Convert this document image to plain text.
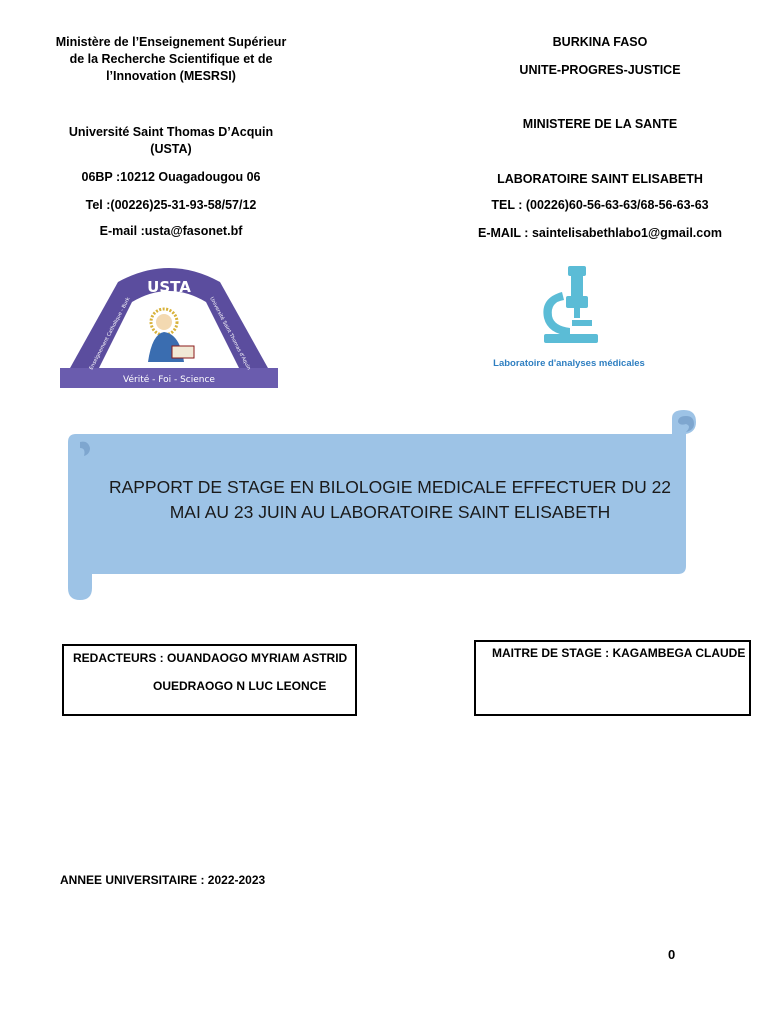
Ministère de l’Enseignement Supérieur
de la Recherche Scientifique et de
l’Innovation (MESRSI)
Université Saint Thomas D’Acquin
(USTA)
06BP :10212 Ouagadougou 06
Tel :(00226)25-31-93-58/57/12
E-mail :usta@fasonet.bf
BURKINA FASO
UNITE-PROGRES-JUSTICE
MINISTERE DE LA SANTE
LABORATOIRE SAINT ELISABETH
TEL : (00226)60-56-63-63/68-56-63-63
E-MAIL : saintelisabethlabo1@gmail.com
USTA
Vérité - Foi - Science
Enseignement Catholique - Burk	Université Saint Thomas d'Aquin	Laboratoire d'analyses médicales
RAPPORT DE STAGE EN BILOLOGIE MEDICALE EFFECTUER DU 22
MAI AU 23 JUIN AU LABORATOIRE SAINT ELISABETH
REDACTEURS : OUANDAOGO MYRIAM ASTRID
OUEDRAOGO N LUC LEONCE
MAITRE DE STAGE : KAGAMBEGA CLAUDE
ANNEE UNIVERSITAIRE : 2022-2023
0
